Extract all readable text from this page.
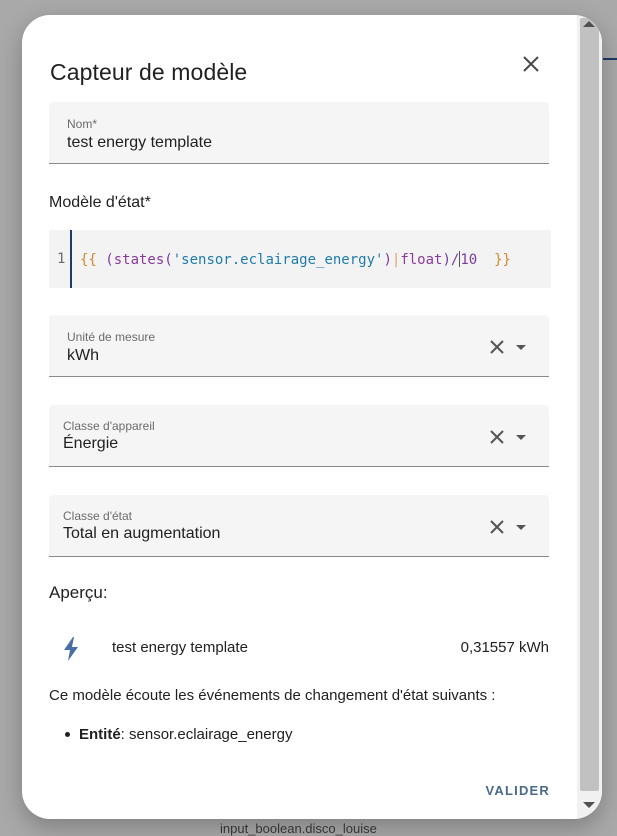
input_boolean.disco_louise
Capteur de modèle
Nom*
test energy template
Modèle d'état*
1 {{ (states('sensor.eclairage_energy')|float)/10  }}
Unité de mesure
kWh
Classe d'appareil
Énergie
Classe d'état
Total en augmentation
Aperçu:
test energy template	0,31557 kWh
Ce modèle écoute les événements de changement d'état suivants :
Entité: sensor.eclairage_energy
VALIDER
